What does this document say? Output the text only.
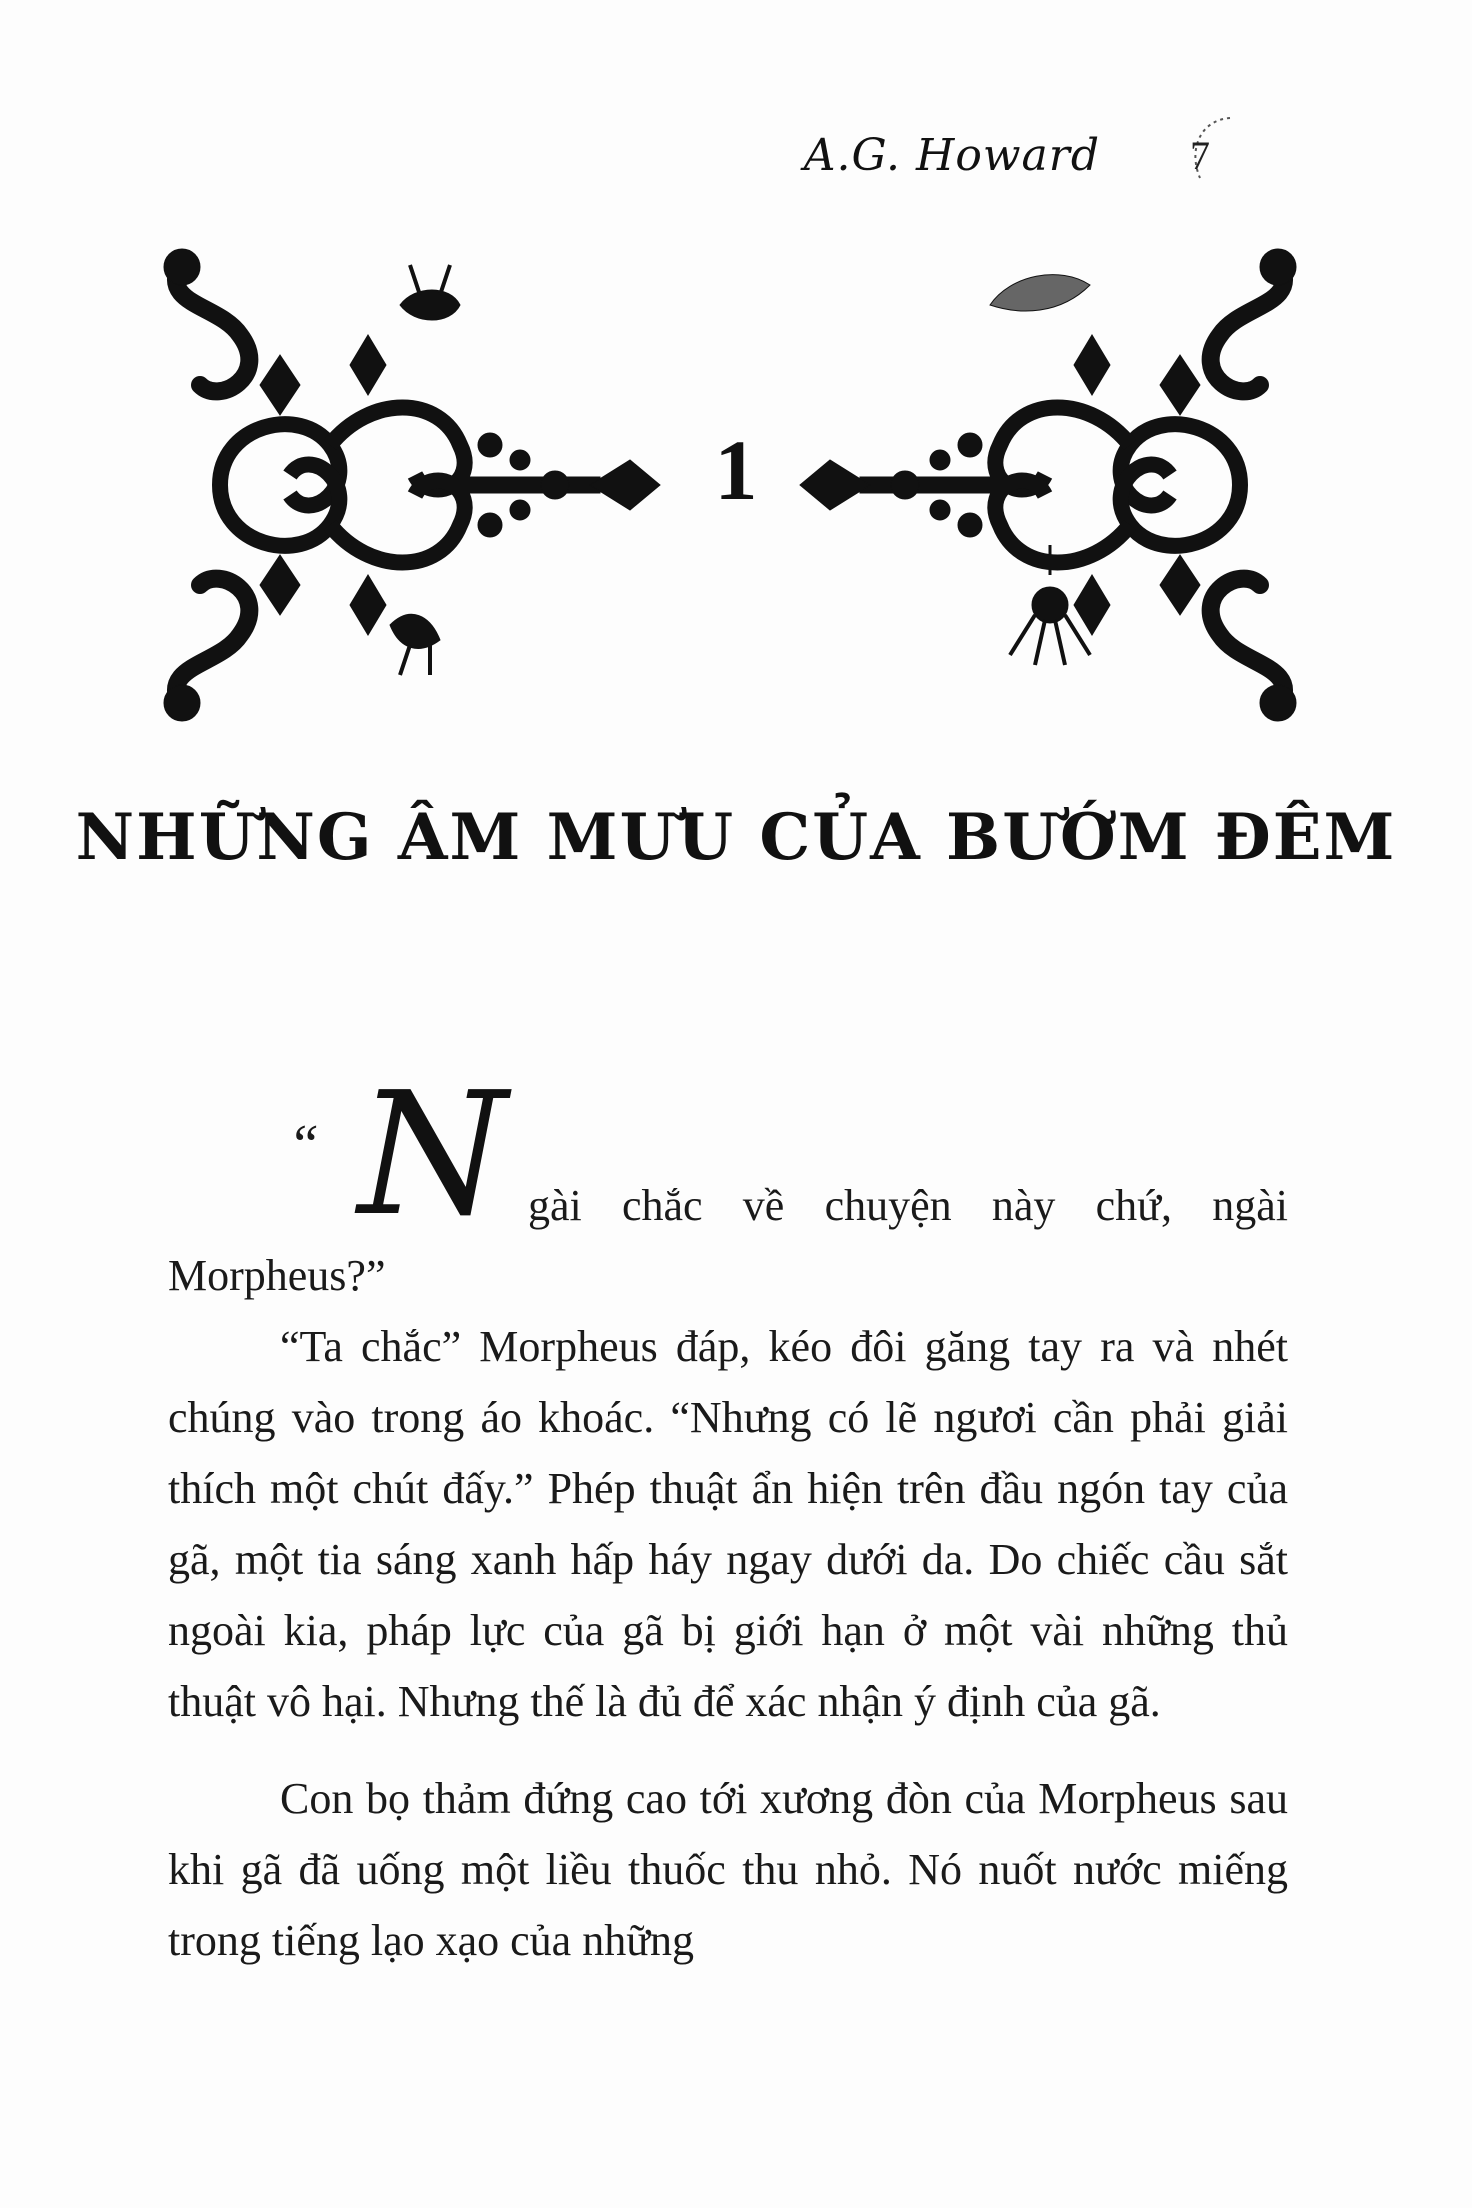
A.G. Howard 7
1
NHỮNG ÂM MƯU CỦA BƯỚM ĐÊM

“ N gài chắc về chuyện này chứ, ngài
Morpheus?”

“Ta chắc” Morpheus đáp, kéo đôi găng tay ra và nhét chúng vào trong áo khoác. “Nhưng có lẽ ngươi cần phải giải thích một chút đấy.” Phép thuật ẩn hiện trên đầu ngón tay của gã, một tia sáng xanh hấp háy ngay dưới da. Do chiếc cầu sắt ngoài kia, pháp lực của gã bị giới hạn ở một vài những thủ thuật vô hại. Nhưng thế là đủ để xác nhận ý định của gã.

Con bọ thảm đứng cao tới xương đòn của Morpheus sau khi gã đã uống một liều thuốc thu nhỏ. Nó nuốt nước miếng trong tiếng lạo xạo của những
